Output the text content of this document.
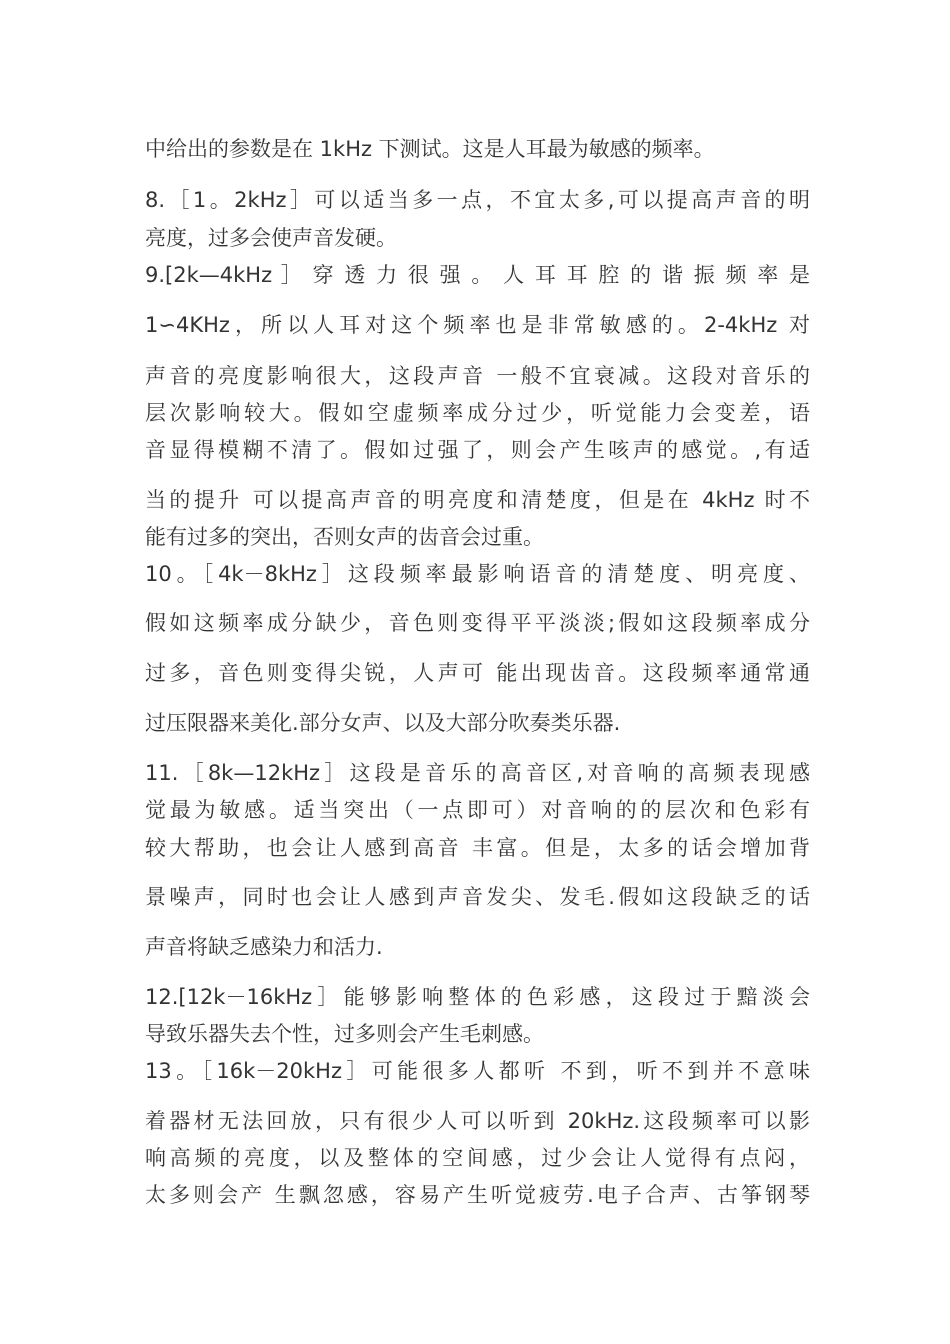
中给出的参数是在 1kHz 下测试。这是人耳最为敏感的频率。
8.［1。2kHz］可以适当多一点，不宜太多,可以提高声音的明
亮度，过多会使声音发硬。
9.[2k—4kHz ］ 穿 透 力 很 强 。 人 耳 耳 腔 的 谐 振 频 率 是
1∽4KHz，所以人耳对这个频率也是非常敏感的。2-4kHz 对
声音的亮度影响很大，这段声音 一般不宜衰减。这段对音乐的
层次影响较大。假如空虚频率成分过少，听觉能力会变差，语
音显得模糊不清了。假如过强了，则会产生咳声的感觉。,有适
当的提升 可以提高声音的明亮度和清楚度，但是在 4kHz 时不
能有过多的突出，否则女声的齿音会过重。
10。［4k－8kHz］这段频率最影响语音的清楚度、明亮度、
假如这频率成分缺少，音色则变得平平淡淡;假如这段频率成分
过多，音色则变得尖锐，人声可 能出现齿音。这段频率通常通
过压限器来美化.部分女声、以及大部分吹奏类乐器.
11.［8k—12kHz］这段是音乐的高音区,对音响的高频表现感
觉最为敏感。适当突出（一点即可）对音响的的层次和色彩有
较大帮助，也会让人感到高音 丰富。但是，太多的话会增加背
景噪声，同时也会让人感到声音发尖、发毛.假如这段缺乏的话
声音将缺乏感染力和活力.
12.[12k－16kHz］能够影响整体的色彩感，这段过于黯淡会
导致乐器失去个性，过多则会产生毛刺感。
13。［16k－20kHz］可能很多人都听 不到，听不到并不意味
着器材无法回放，只有很少人可以听到 20kHz.这段频率可以影
响高频的亮度，以及整体的空间感，过少会让人觉得有点闷，
太多则会产 生飘忽感，容易产生听觉疲劳.电子合声、古筝钢琴
